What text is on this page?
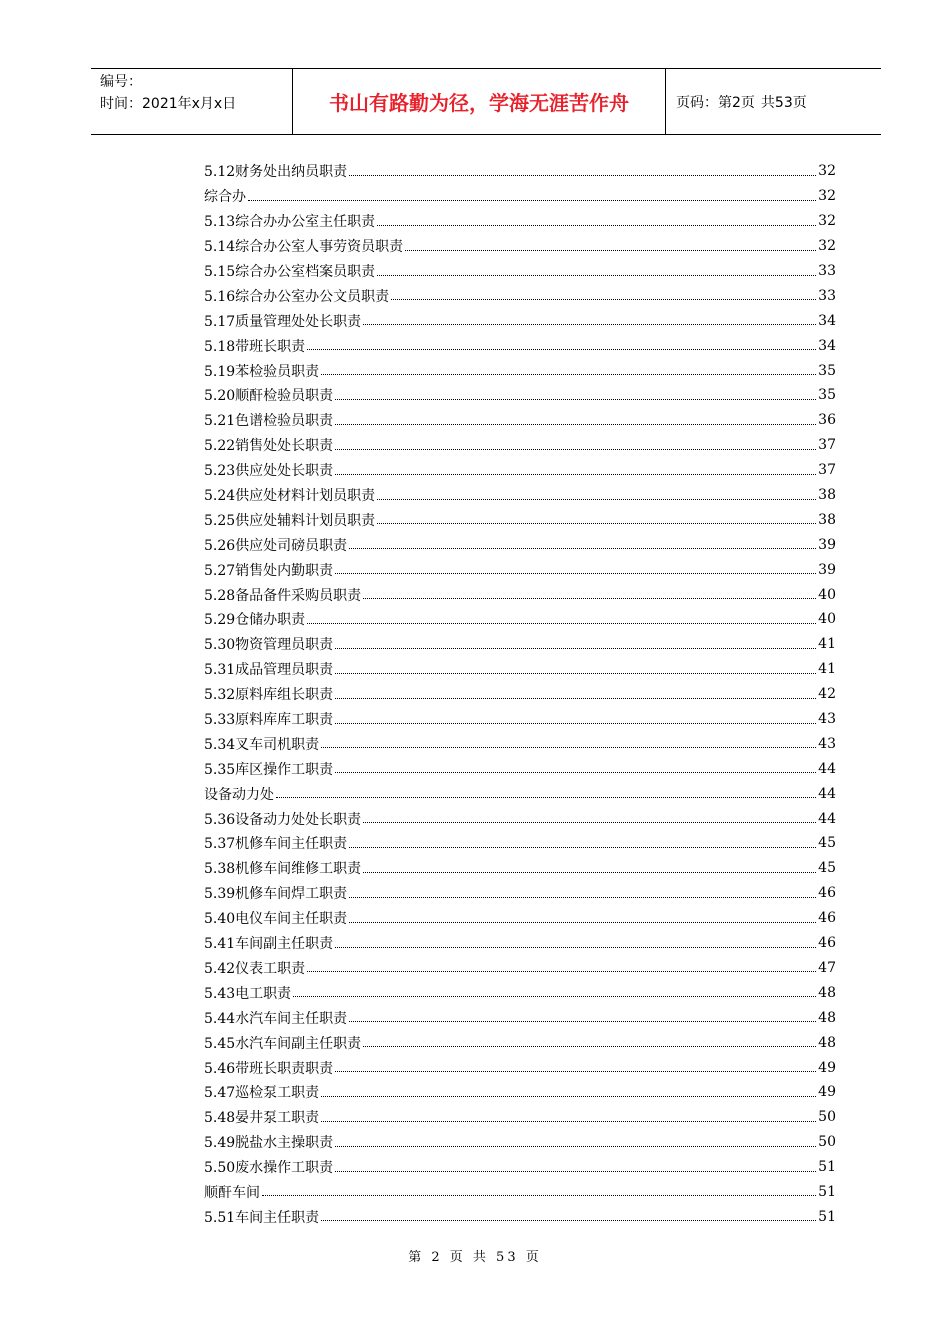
编号：
时间：2021年x月x日	书山有路勤为径，学海无涯苦作舟	页码：第2页 共53页
5.12财务处出纳员职责	32
综合办	32
5.13综合办办公室主任职责	32
5.14综合办公室人事劳资员职责	32
5.15综合办公室档案员职责	33
5.16综合办公室办公文员职责	33
5.17质量管理处处长职责	34
5.18带班长职责	34
5.19苯检验员职责	35
5.20顺酐检验员职责	35
5.21色谱检验员职责	36
5.22销售处处长职责	37
5.23供应处处长职责	37
5.24供应处材料计划员职责	38
5.25供应处辅料计划员职责	38
5.26供应处司磅员职责	39
5.27销售处内勤职责	39
5.28备品备件采购员职责	40
5.29仓储办职责	40
5.30物资管理员职责	41
5.31成品管理员职责	41
5.32原料库组长职责	42
5.33原料库库工职责	43
5.34叉车司机职责	43
5.35库区操作工职责	44
设备动力处	44
5.36设备动力处处长职责	44
5.37机修车间主任职责	45
5.38机修车间维修工职责	45
5.39机修车间焊工职责	46
5.40电仪车间主任职责	46
5.41车间副主任职责	46
5.42仪表工职责	47
5.43电工职责	48
5.44水汽车间主任职责	48
5.45水汽车间副主任职责	48
5.46带班长职责职责	49
5.47巡检泵工职责	49
5.48晏井泵工职责	50
5.49脱盐水主操职责	50
5.50废水操作工职责	51
顺酐车间	51
5.51车间主任职责	51
第 2 页 共 53 页
